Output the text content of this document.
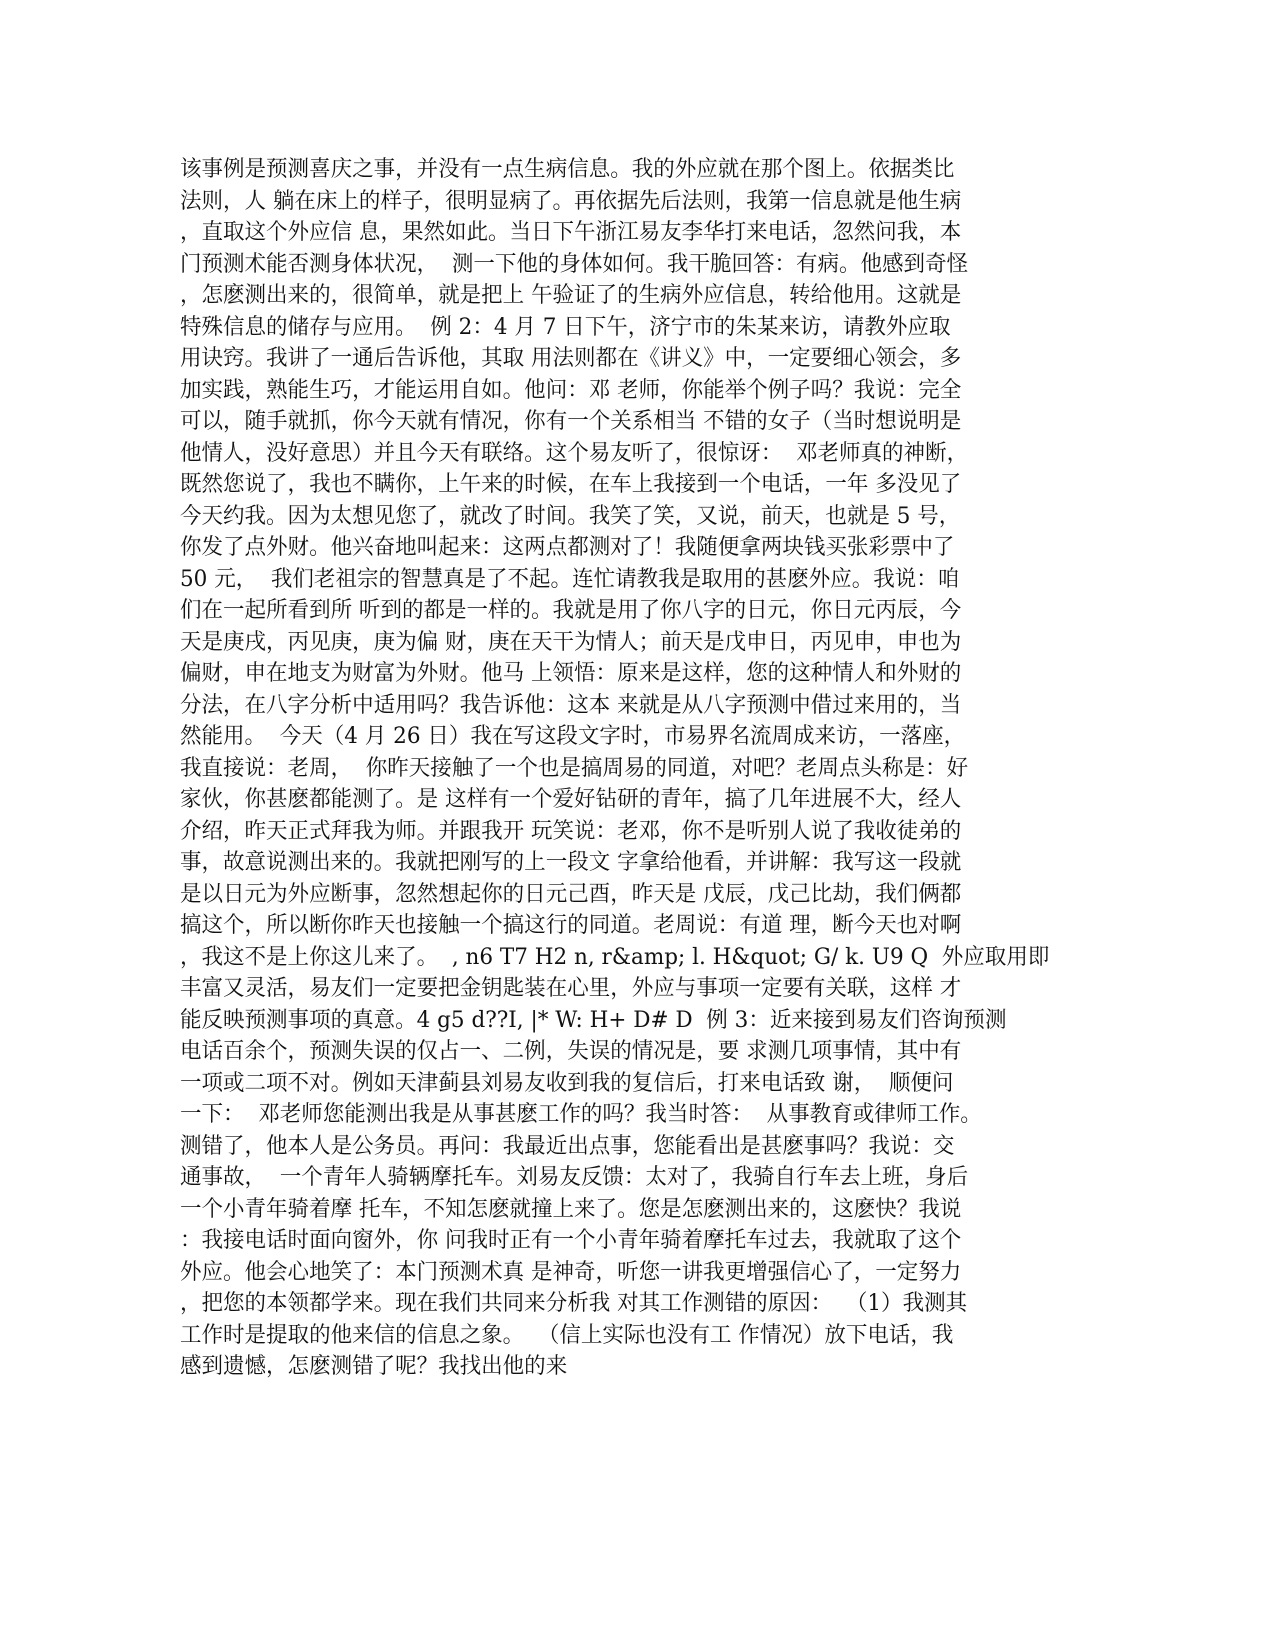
该事例是预测喜庆之事，并没有一点生病信息。我的外应就在那个图上。依据类比
法则，人 躺在床上的样子，很明显病了。再依据先后法则，我第一信息就是他生病
，直取这个外应信 息，果然如此。当日下午浙江易友李华打来电话，忽然问我，本
门预测术能否测身体状况，  测一下他的身体如何。我干脆回答：有病。他感到奇怪
，怎麽测出来的，很简单，就是把上 午验证了的生病外应信息，转给他用。这就是
特殊信息的储存与应用。  例 2：4 月 7 日下午，济宁市的朱某来访，请教外应取
用诀窍。我讲了一通后告诉他，其取 用法则都在《讲义》中，一定要细心领会，多
加实践，熟能生巧，才能运用自如。他问：邓 老师，你能举个例子吗？我说：完全
可以，随手就抓，你今天就有情况，你有一个关系相当 不错的女子（当时想说明是
他情人，没好意思）并且今天有联络。这个易友听了，很惊讶：  邓老师真的神断，
既然您说了，我也不瞒你，上午来的时候，在车上我接到一个电话，一年 多没见了
今天约我。因为太想见您了，就改了时间。我笑了笑，又说，前天，也就是 5 号，
你发了点外财。他兴奋地叫起来：这两点都测对了！我随便拿两块钱买张彩票中了
50 元，  我们老祖宗的智慧真是了不起。连忙请教我是取用的甚麽外应。我说：咱
们在一起所看到所 听到的都是一样的。我就是用了你八字的日元，你日元丙辰，今
天是庚戌，丙见庚，庚为偏 财，庚在天干为情人；前天是戊申日，丙见申，申也为
偏财，申在地支为财富为外财。他马 上领悟：原来是这样，您的这种情人和外财的
分法，在八字分析中适用吗？我告诉他：这本 来就是从八字预测中借过来用的，当
然能用。  今天（4 月 26 日）我在写这段文字时，市易界名流周成来访，一落座，
我直接说：老周，  你昨天接触了一个也是搞周易的同道，对吧？老周点头称是：好
家伙，你甚麽都能测了。是 这样有一个爱好钻研的青年，搞了几年进展不大，经人
介绍，昨天正式拜我为师。并跟我开 玩笑说：老邓，你不是听别人说了我收徒弟的
事，故意说测出来的。我就把刚写的上一段文 字拿给他看，并讲解：我写这一段就
是以日元为外应断事，忽然想起你的日元己酉，昨天是 戊辰，戊己比劫，我们俩都
搞这个，所以断你昨天也接触一个搞这行的同道。老周说：有道 理，断今天也对啊
，我这不是上你这儿来了。  , n6 T7 H2 n, r&amp; l. H&quot; G/ k. U9 Q  外应取用即
丰富又灵活，易友们一定要把金钥匙装在心里，外应与事项一定要有关联，这样 才
能反映预测事项的真意。4 g5 d??I, |* W: H+ D# D  例 3：近来接到易友们咨询预测
电话百余个，预测失误的仅占一、二例，失误的情况是，要 求测几项事情，其中有
一项或二项不对。例如天津蓟县刘易友收到我的复信后，打来电话致 谢，  顺便问
一下：  邓老师您能测出我是从事甚麽工作的吗？我当时答：  从事教育或律师工作。
测错了，他本人是公务员。再问：我最近出点事，您能看出是甚麽事吗？我说：交
通事故，  一个青年人骑辆摩托车。刘易友反馈：太对了，我骑自行车去上班，身后
一个小青年骑着摩 托车，不知怎麽就撞上来了。您是怎麽测出来的，这麽快？我说
：我接电话时面向窗外，你 问我时正有一个小青年骑着摩托车过去，我就取了这个
外应。他会心地笑了：本门预测术真 是神奇，听您一讲我更增强信心了，一定努力
，把您的本领都学来。现在我们共同来分析我 对其工作测错的原因：  （1）我测其
工作时是提取的他来信的信息之象。  （信上实际也没有工 作情况）放下电话，我
感到遗憾，怎麽测错了呢？我找出他的来
